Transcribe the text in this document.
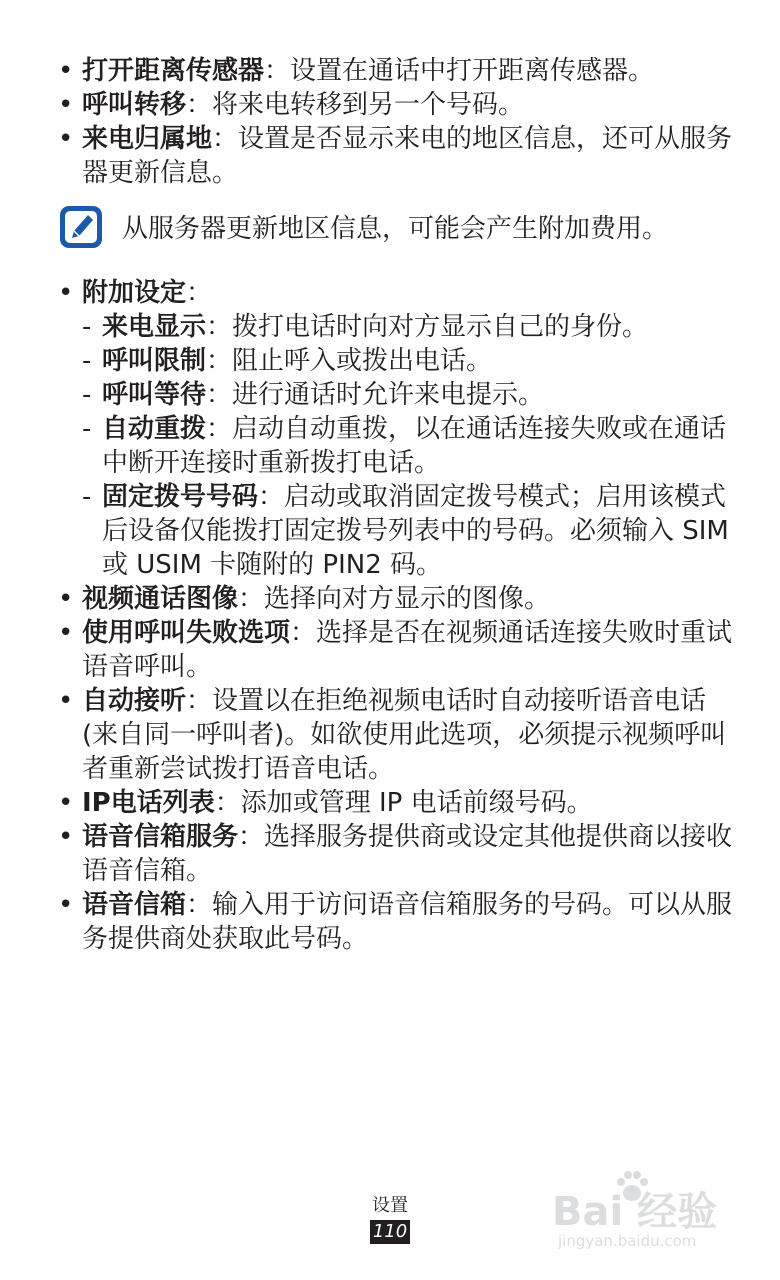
• 打开距离传感器：设置在通话中打开距离传感器。
• 呼叫转移：将来电转移到另一个号码。
• 来电归属地：设置是否显示来电的地区信息，还可从服务器更新信息。
从服务器更新地区信息，可能会产生附加费用。
• 附加设定：
- 来电显示：拨打电话时向对方显示自己的身份。
- 呼叫限制：阻止呼入或拨出电话。
- 呼叫等待：进行通话时允许来电提示。
- 自动重拨：启动自动重拨，以在通话连接失败或在通话中断开连接时重新拨打电话。
- 固定拨号号码：启动或取消固定拨号模式；启用该模式后设备仅能拨打固定拨号列表中的号码。必须输入 SIM 或 USIM 卡随附的 PIN2 码。
• 视频通话图像：选择向对方显示的图像。
• 使用呼叫失败选项：选择是否在视频通话连接失败时重试语音呼叫。
• 自动接听：设置以在拒绝视频电话时自动接听语音电话 (来自同一呼叫者)。如欲使用此选项，必须提示视频呼叫者重新尝试拨打语音电话。
• IP电话列表：添加或管理 IP 电话前缀号码。
• 语音信箱服务：选择服务提供商或设定其他提供商以接收语音信箱。
• 语音信箱：输入用于访问语音信箱服务的号码。可以从服务提供商处获取此号码。
设置
110	Bai 经验
jingyan.baidu.com
